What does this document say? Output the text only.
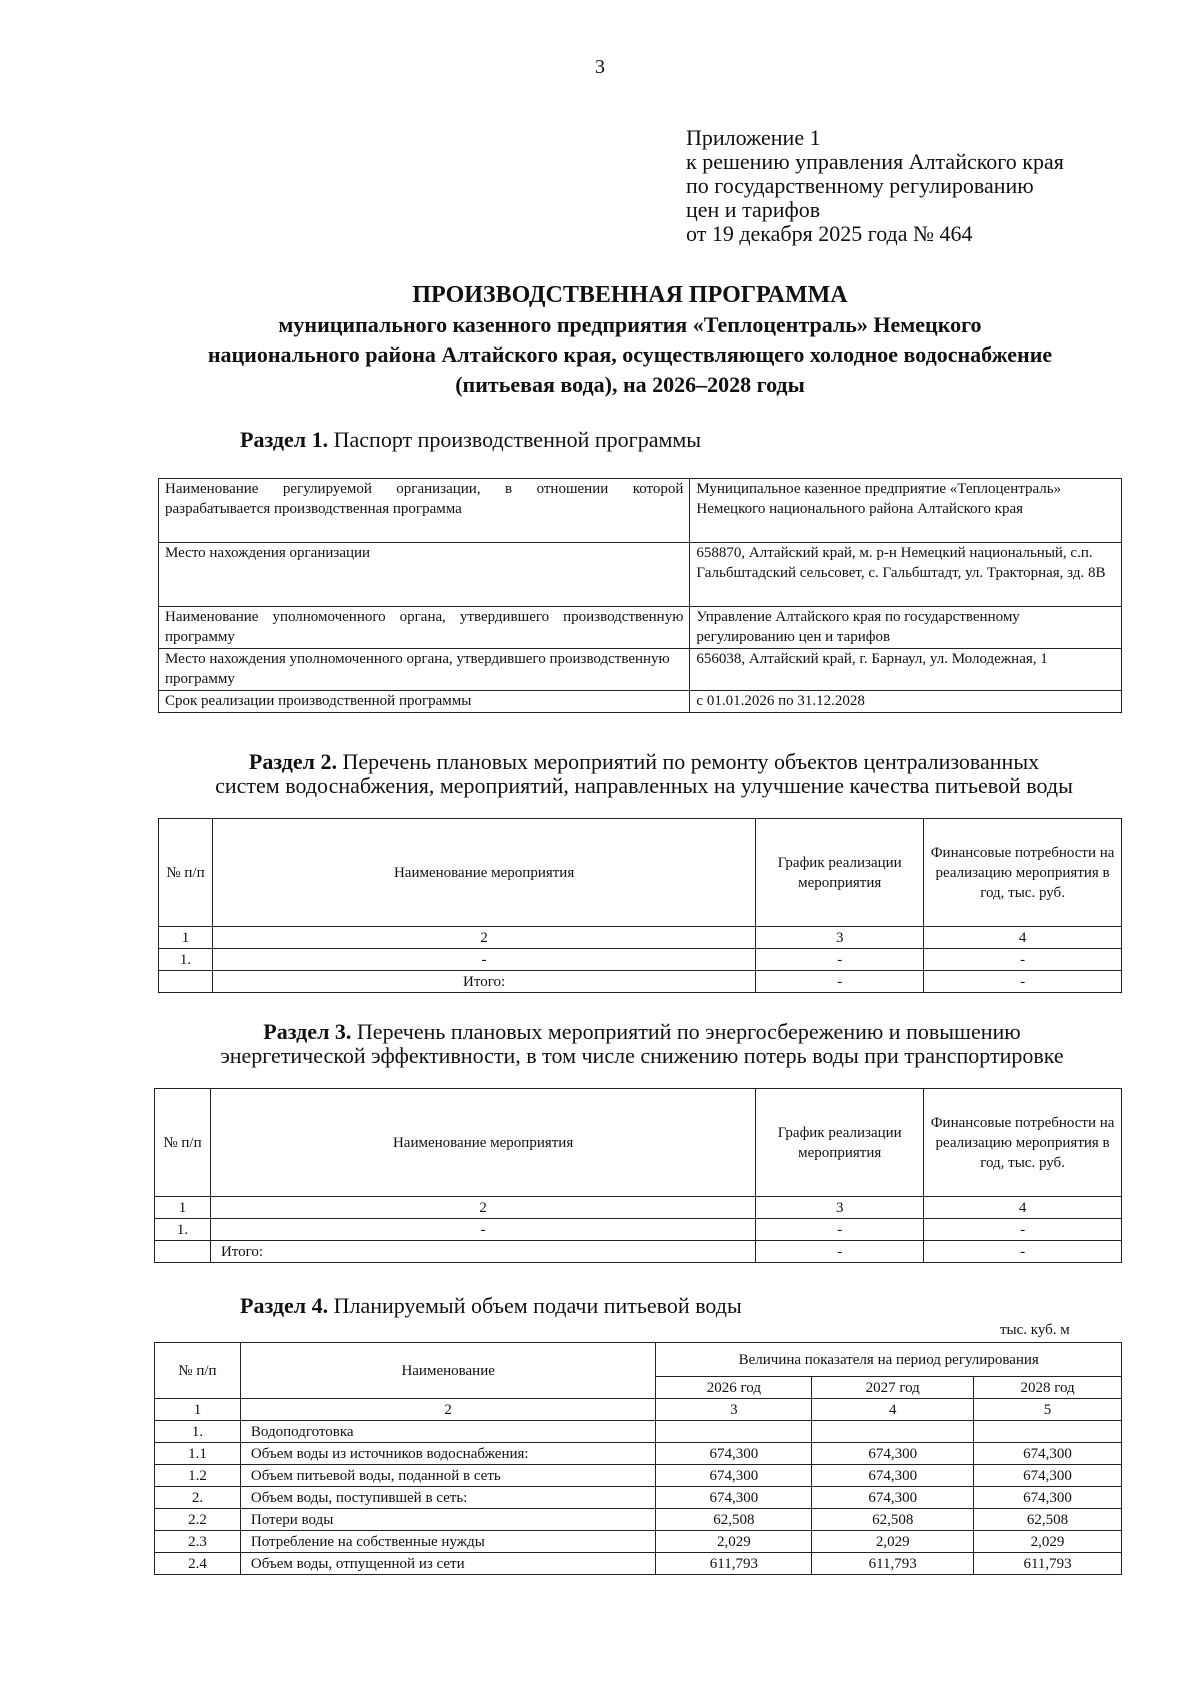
3
Приложение 1
к решению управления Алтайского края
по государственному регулированию
цен и тарифов
от 19 декабря 2025 года № 464
ПРОИЗВОДСТВЕННАЯ ПРОГРАММА
муниципального казенного предприятия «Теплоцентраль» Немецкого
национального района Алтайского края, осуществляющего холодное водоснабжение
(питьевая вода), на 2026–2028 годы
Раздел 1. Паспорт производственной программы
Наименование регулируемой организации, в отношении которой разрабатывается производственная программа	Муниципальное казенное предприятие «Теплоцентраль» Немецкого национального района Алтайского края
Место нахождения организации	658870, Алтайский край, м. р-н Немецкий национальный, с.п. Гальбштадский сельсовет, с. Гальбштадт, ул. Тракторная, зд. 8В
Наименование уполномоченного органа, утвердившего производственную программу	Управление Алтайского края по государственному регулированию цен и тарифов
Место нахождения уполномоченного органа, утвердившего производственную программу	656038, Алтайский край, г. Барнаул, ул. Молодежная, 1
Срок реализации производственной программы	с 01.01.2026 по 31.12.2028
Раздел 2. Перечень плановых мероприятий по ремонту объектов централизованных
систем водоснабжения, мероприятий, направленных на улучшение качества питьевой воды
№ п/п	Наименование мероприятия	График реализации мероприятия	Финансовые потребности на реализацию мероприятия в год, тыс. руб.
1	2	3	4
1.	-	-	-
	Итого:	-	-
Раздел 3. Перечень плановых мероприятий по энергосбережению и повышению
энергетической эффективности, в том числе снижению потерь воды при транспортировке
№ п/п	Наименование мероприятия	График реализации мероприятия	Финансовые потребности на реализацию мероприятия в год, тыс. руб.
1	2	3	4
1.	-	-	-
	Итого:	-	-
Раздел 4. Планируемый объем подачи питьевой воды
тыс. куб. м
№ п/п	Наименование	Величина показателя на период регулирования		
		2026 год	2027 год	2028 год
1	2	3	4	5
1.	Водоподготовка			
1.1	Объем воды из источников водоснабжения:	674,300	674,300	674,300
1.2	Объем питьевой воды, поданной в сеть	674,300	674,300	674,300
2.	Объем воды, поступившей в сеть:	674,300	674,300	674,300
2.2	Потери воды	62,508	62,508	62,508
2.3	Потребление на собственные нужды	2,029	2,029	2,029
2.4	Объем воды, отпущенной из сети	611,793	611,793	611,793
